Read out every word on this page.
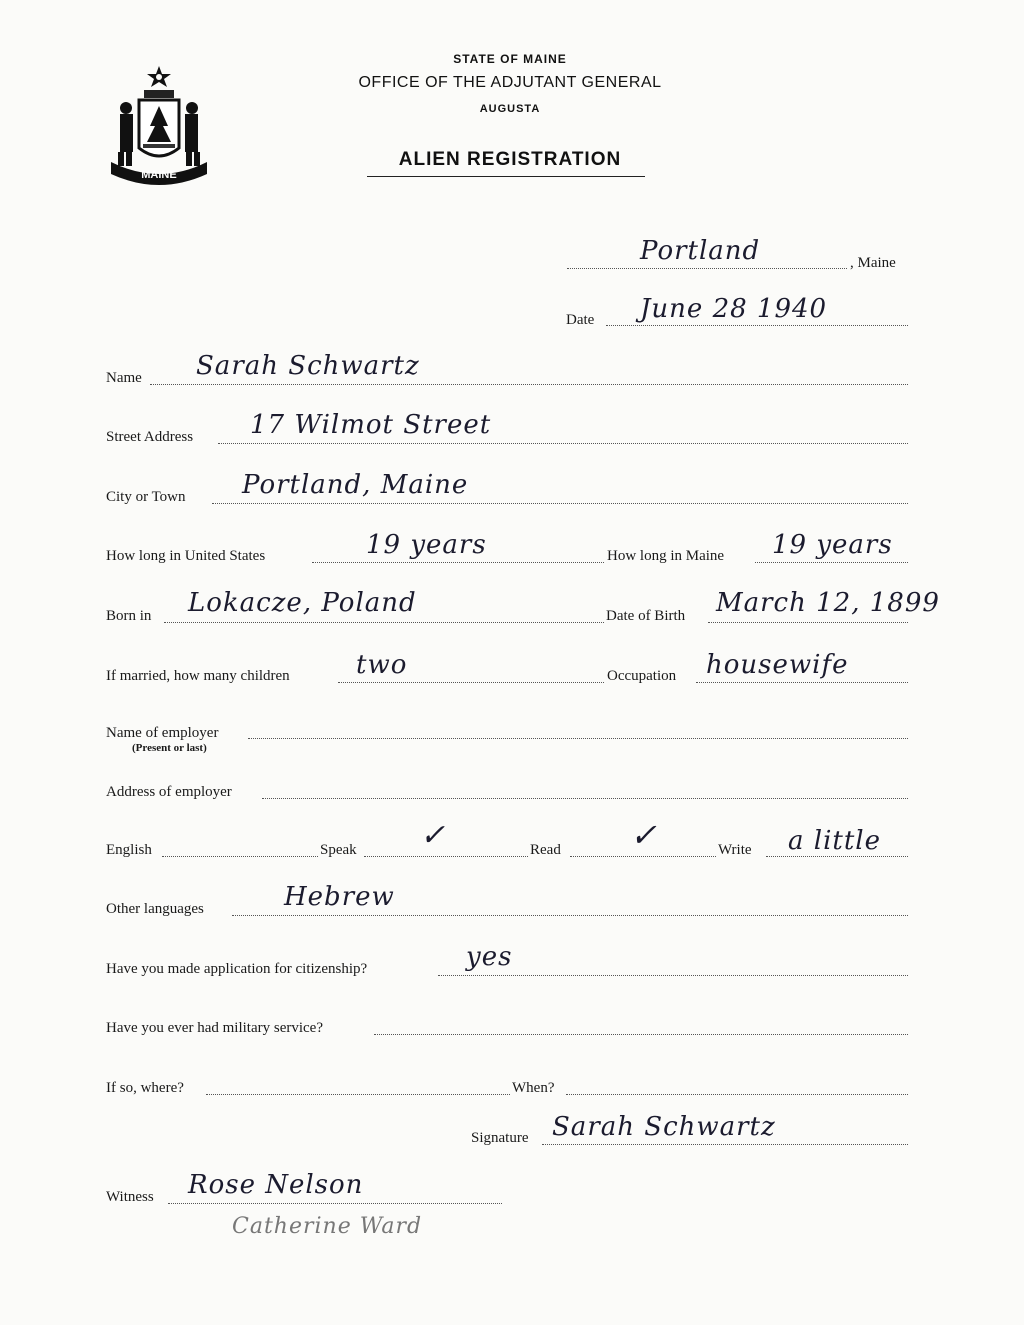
MAINE
STATE OF MAINE
OFFICE OF THE ADJUTANT GENERAL
AUGUSTA
ALIEN REGISTRATION
Portland	, Maine
Date June 28 1940
Name Sarah Schwartz
Street Address 17 Wilmot Street
City or Town Portland, Maine
How long in United States	19 years	How long in Maine 19 years
Born in Lokacze, Poland	Date of Birth March 12, 1899
If married, how many children	two	Occupation housewife
Name of employer
(Present or last)
Address of employer
English	Speak ✓	Read ✓	Write a little
Other languages	Hebrew
Have you made application for citizenship?	yes
Have you ever had military service?
If so, where?	When?
Signature Sarah Schwartz
Witness Rose Nelson
Catherine Ward
